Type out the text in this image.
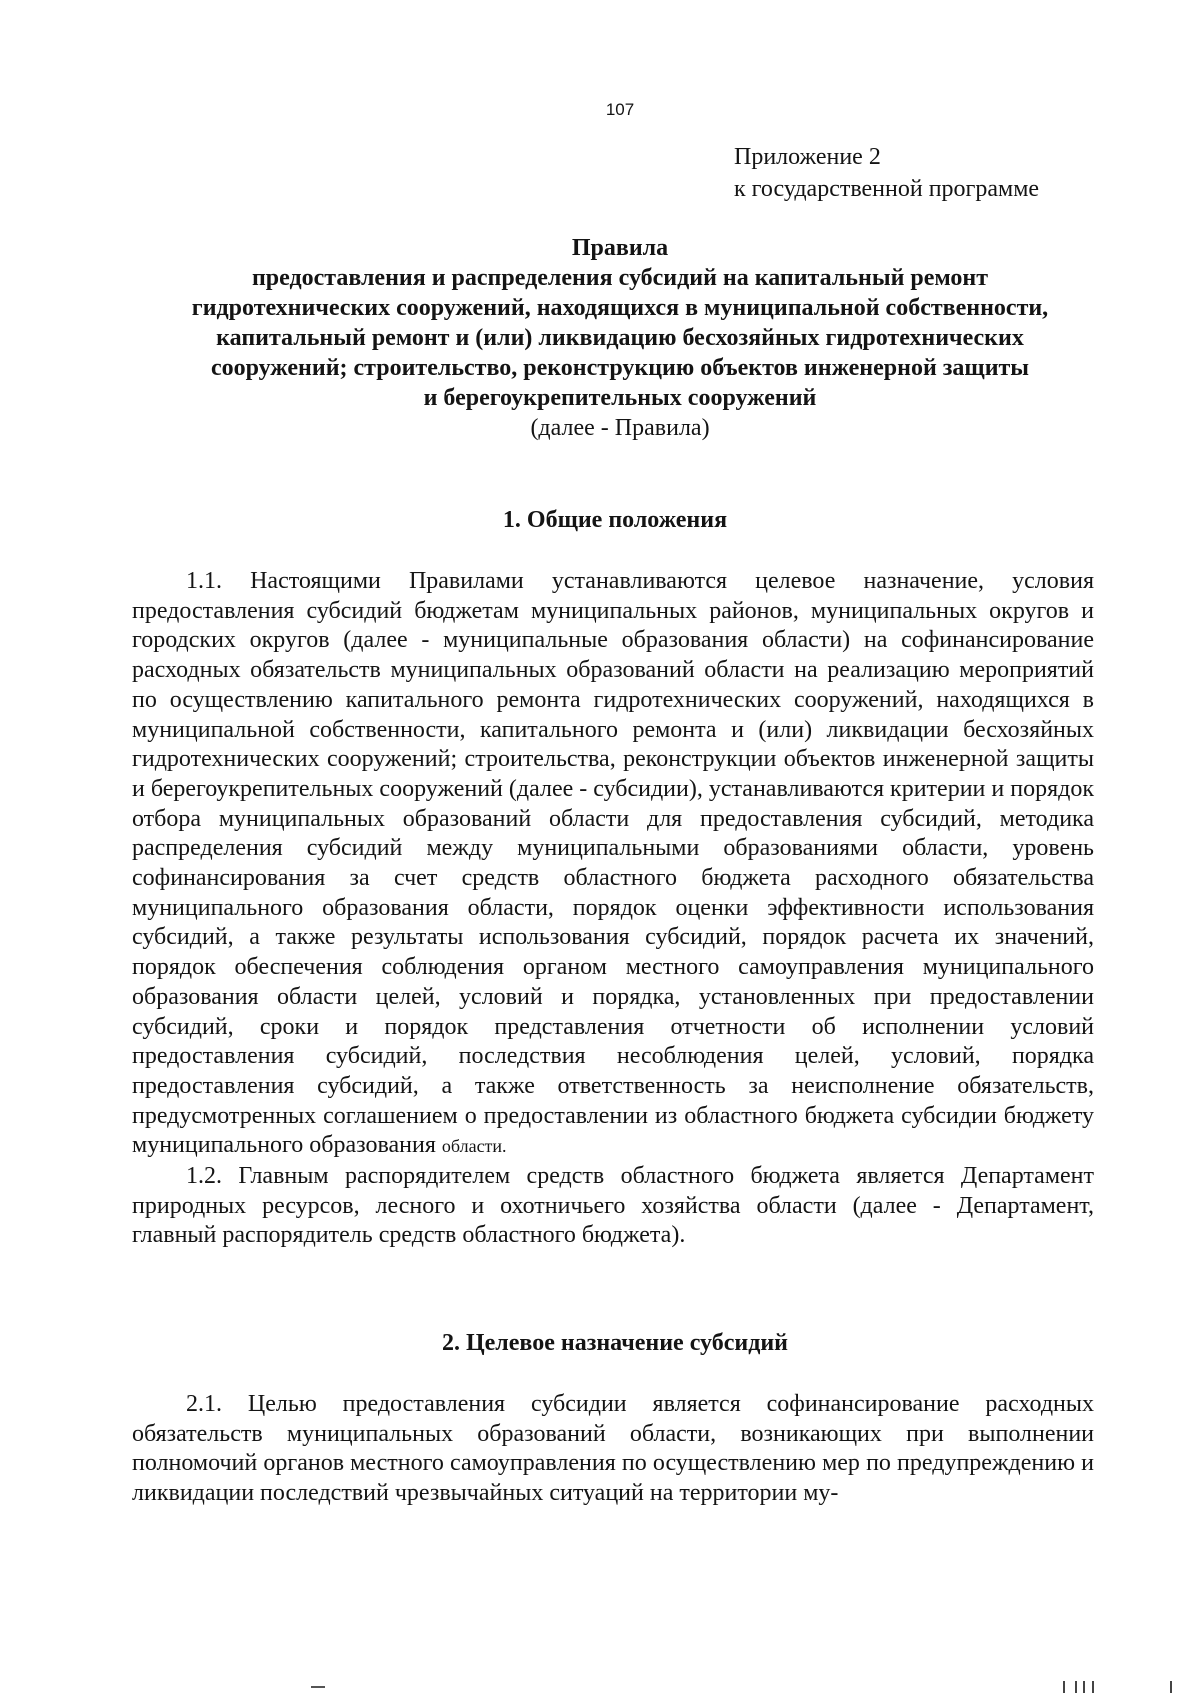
107
Приложение 2
к государственной программе
Правила
предоставления и распределения субсидий на капитальный ремонт
гидротехнических сооружений, находящихся в муниципальной собственности,
капитальный ремонт и (или) ликвидацию бесхозяйных гидротехнических
сооружений; строительство, реконструкцию объектов инженерной защиты
и берегоукрепительных сооружений
(далее - Правила)
1. Общие положения

1.1. Настоящими Правилами устанавливаются целевое назначение, условия предоставления субсидий бюджетам муниципальных районов, муниципальных округов и городских округов (далее - муниципальные образования области) на софинансирование расходных обязательств муниципальных образований области на реализацию мероприятий по осуществлению капитального ремонта гидротехнических сооружений, находящихся в муниципальной собственности, капитального ремонта и (или) ликвидации бесхозяйных гидротехнических сооружений; строительства, реконструкции объектов инженерной защиты и берегоукрепительных сооружений (далее - субсидии), устанавливаются критерии и порядок отбора муниципальных образований области для предоставления субсидий, методика распределения субсидий между муниципальными образованиями области, уровень софинансирования за счет средств областного бюджета расходного обязательства муниципального образования области, порядок оценки эффективности использования субсидий, а также результаты использования субсидий, порядок расчета их значений, порядок обеспечения соблюдения органом местного самоуправления муниципального образования области целей, условий и порядка, установленных при предоставлении субсидий, сроки и порядок представления отчетности об исполнении условий предоставления субсидий, последствия несоблюдения целей, условий, порядка предоставления субсидий, а также ответственность за неисполнение обязательств, предусмотренных соглашением о предоставлении из областного бюджета субсидии бюджету муниципального образования области.

1.2. Главным распорядителем средств областного бюджета является Департамент природных ресурсов, лесного и охотничьего хозяйства области (далее - Департамент, главный распорядитель средств областного бюджета).

2. Целевое назначение субсидий

2.1. Целью предоставления субсидии является софинансирование расходных обязательств муниципальных образований области, возникающих при выполнении полномочий органов местного самоуправления по осуществлению мер по предупреждению и ликвидации последствий чрезвычайных ситуаций на территории му-
